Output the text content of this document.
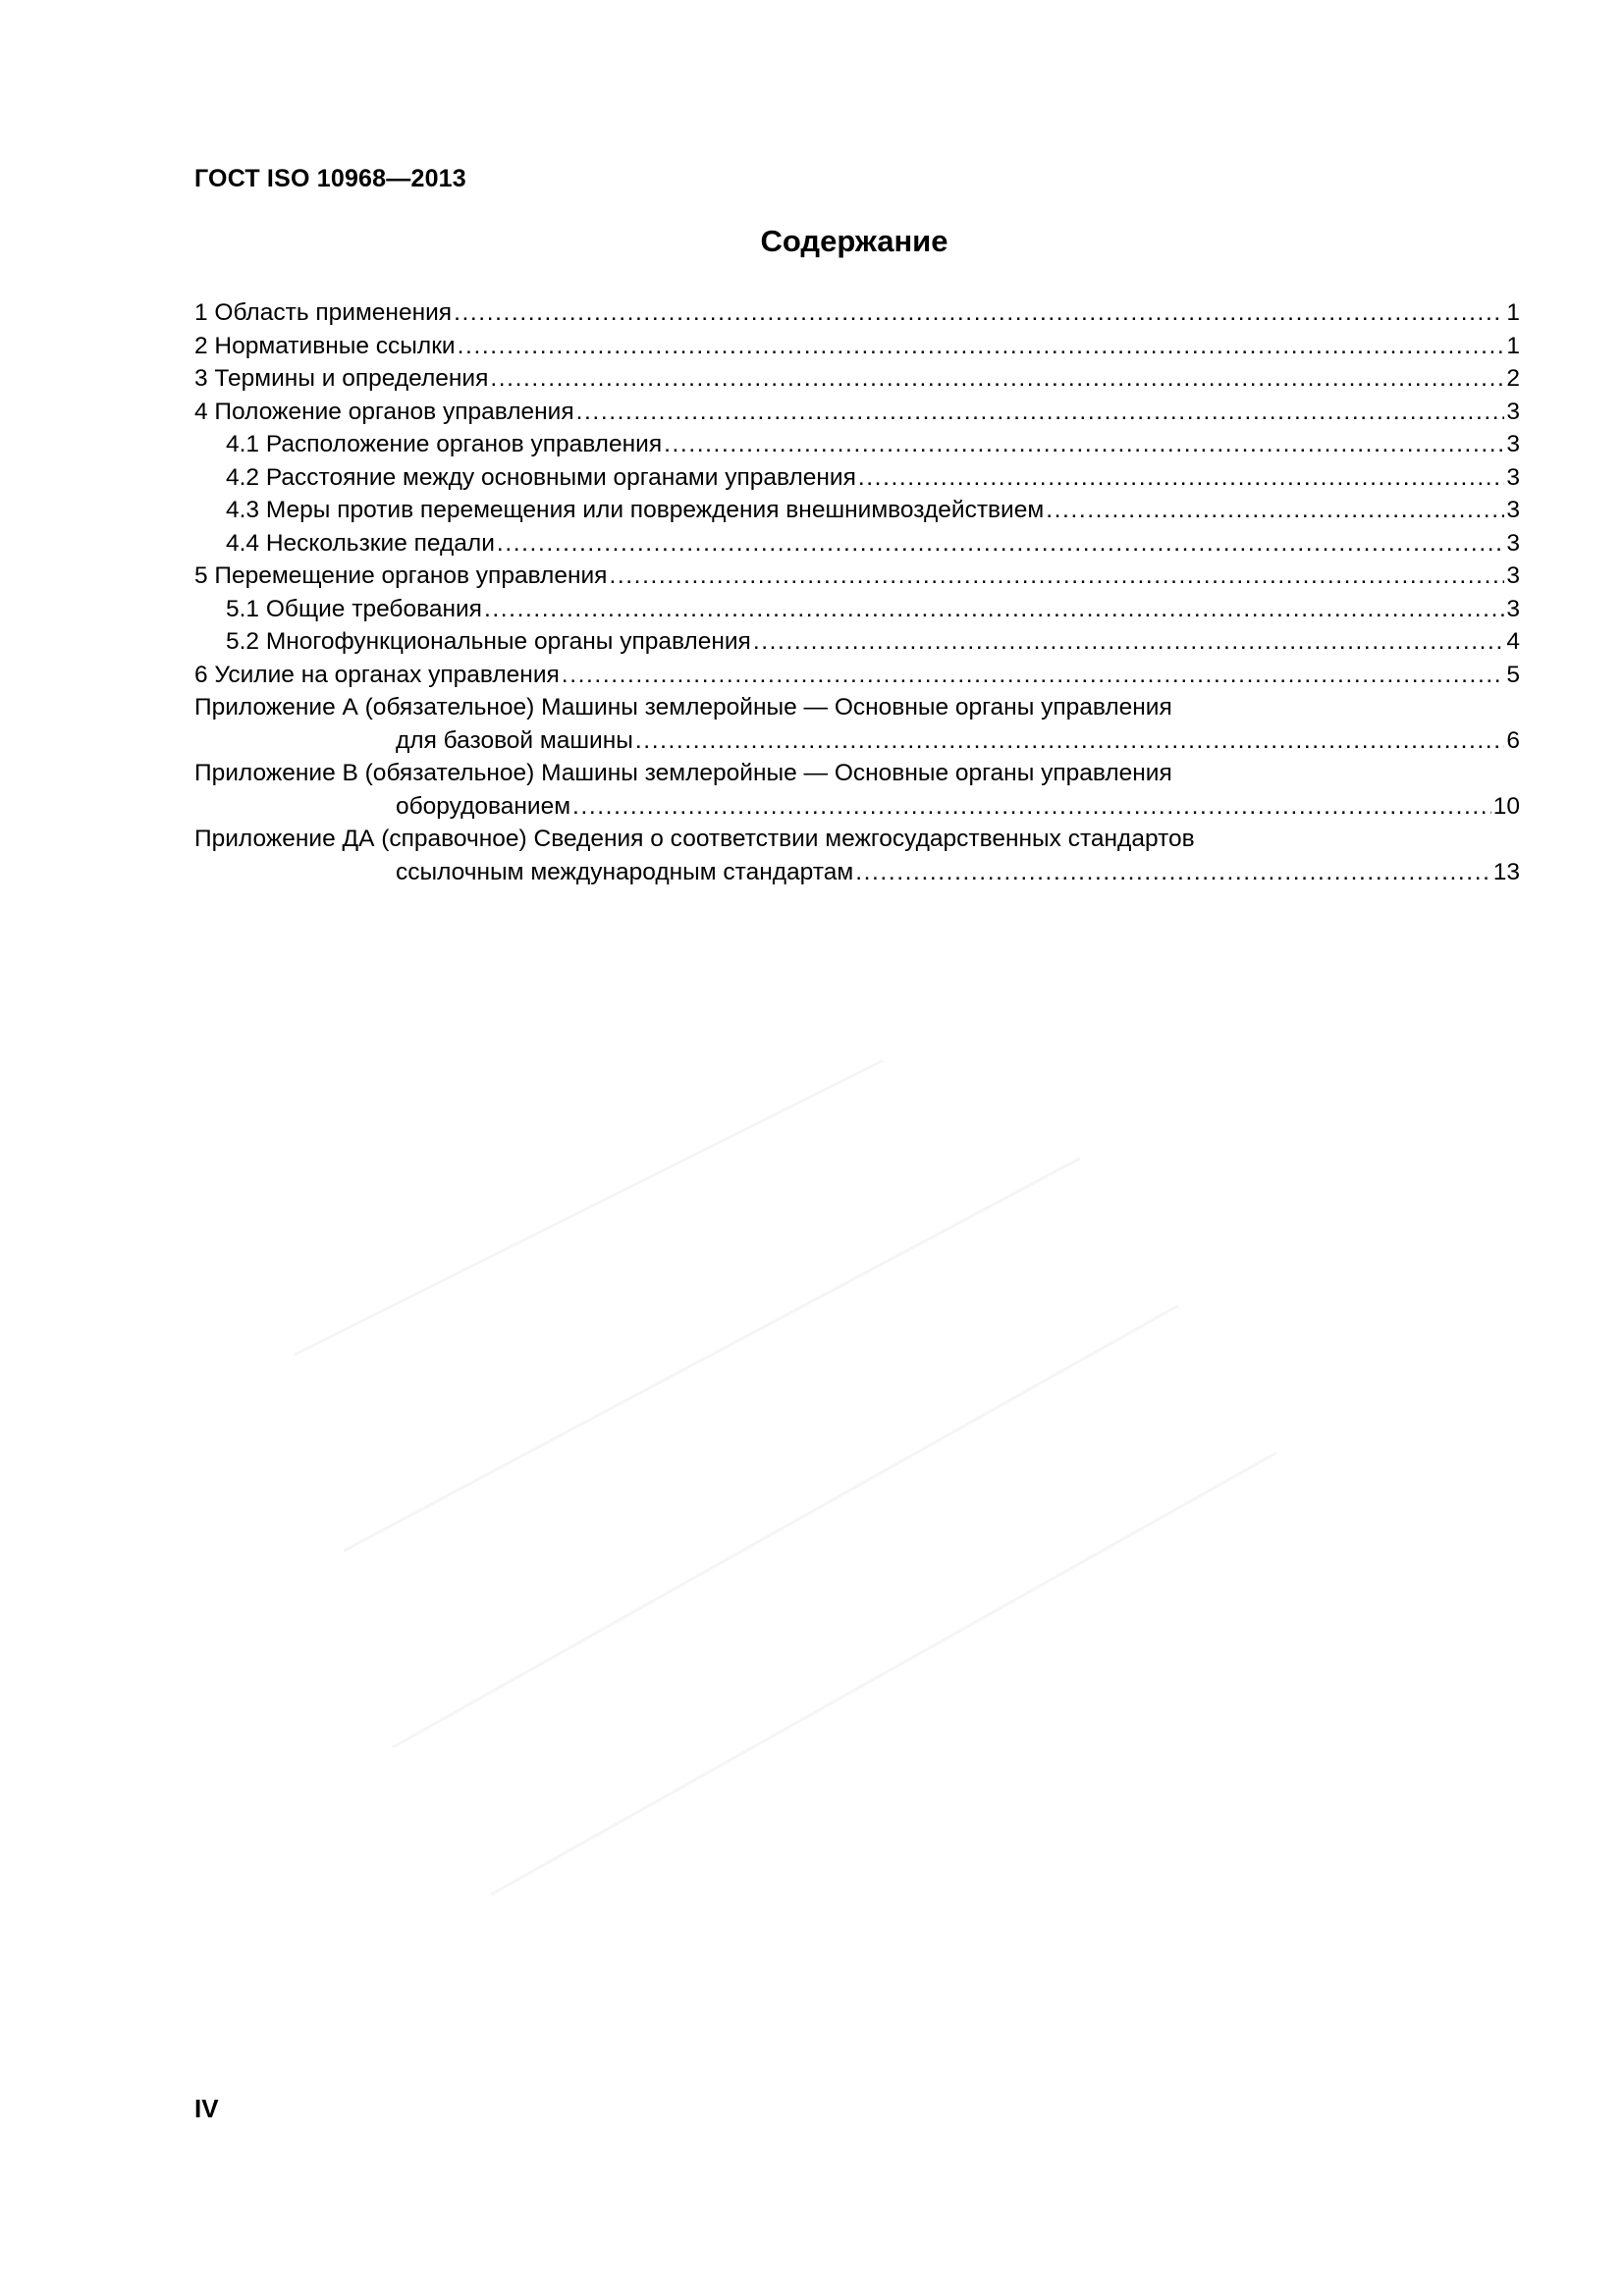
ГОСТ ISO 10968—2013
Содержание
1 Область применения .....	1
2 Нормативные ссылки .....	1
3 Термины и определения .....	2
4 Положение органов управления .....	3
4.1 Расположение органов управления .....	3
4.2 Расстояние между основными органами управления .....	3
4.3 Меры против перемещения или повреждения внешнимвоздействием .....	3
4.4 Нескользкие педали .....	3
5 Перемещение органов управления .....	3
5.1 Общие требования .....	3
5.2 Многофункциональные органы управления .....	4
6 Усилие на органах управления .....	5
Приложение А (обязательное) Машины землеройные — Основные органы управления
для базовой машины .....	6
Приложение В (обязательное) Машины землеройные — Основные органы управления
оборудованием .....	10
Приложение ДА (справочное) Сведения о соответствии межгосударственных стандартов
ссылочным международным стандартам .....	13
IV
